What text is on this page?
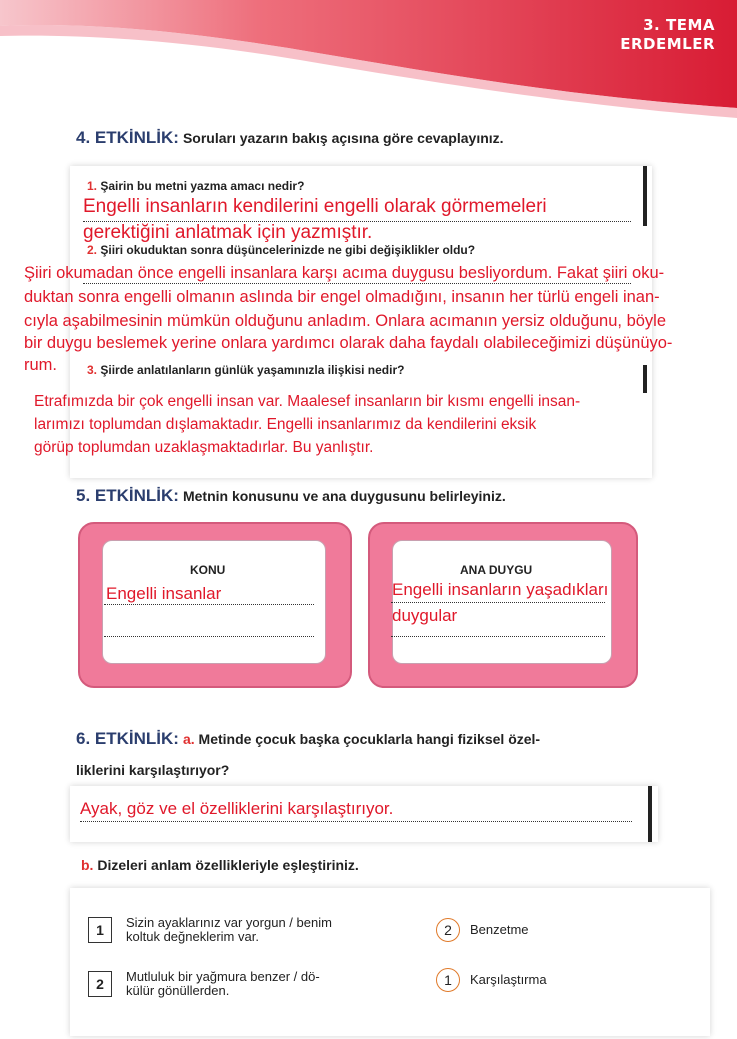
3. TEMA
ERDEMLER
4. ETKİNLİK: Soruları yazarın bakış açısına göre cevaplayınız.
1. Şairin bu metni yazma amacı nedir?
Engelli insanların kendilerini engelli olarak görmemeleri
gerektiğini anlatmak için yazmıştır.
2. Şiiri okuduktan sonra düşüncelerinizde ne gibi değişiklikler oldu?
Şiiri okumadan önce engelli insanlara karşı acıma duygusu besliyordum. Fakat şiiri oku-
duktan sonra engelli olmanın aslında bir engel olmadığını, insanın her türlü engeli inan-
cıyla aşabilmesinin mümkün olduğunu anladım. Onlara acımanın yersiz olduğunu, böyle
bir duygu beslemek yerine onlara yardımcı olarak daha faydalı olabileceğimizi düşünüyo-
rum.	3. Şiirde anlatılanların günlük yaşamınızla ilişkisi nedir?
Etrafımızda bir çok engelli insan var. Maalesef insanların bir kısmı engelli insan-
larımızı toplumdan dışlamaktadır. Engelli insanlarımız da kendilerini eksik
görüp toplumdan uzaklaşmaktadırlar. Bu yanlıştır.
5. ETKİNLİK: Metnin konusunu ve ana duygusunu belirleyiniz.
KONU
Engelli insanlar
ANA DUYGU
Engelli insanların yaşadıkları
duygular
6. ETKİNLİK: a. Metinde çocuk başka çocuklarla hangi fiziksel özel-
liklerini karşılaştırıyor?
Ayak, göz ve el özelliklerini karşılaştırıyor.
b. Dizeleri anlam özellikleriyle eşleştiriniz.
1	Sizin ayaklarınız var yorgun / benim
koltuk değneklerim var.	2	Benzetme
2	Mutluluk bir yağmura benzer / dö-
külür gönüllerden.
1	Karşılaştırma
